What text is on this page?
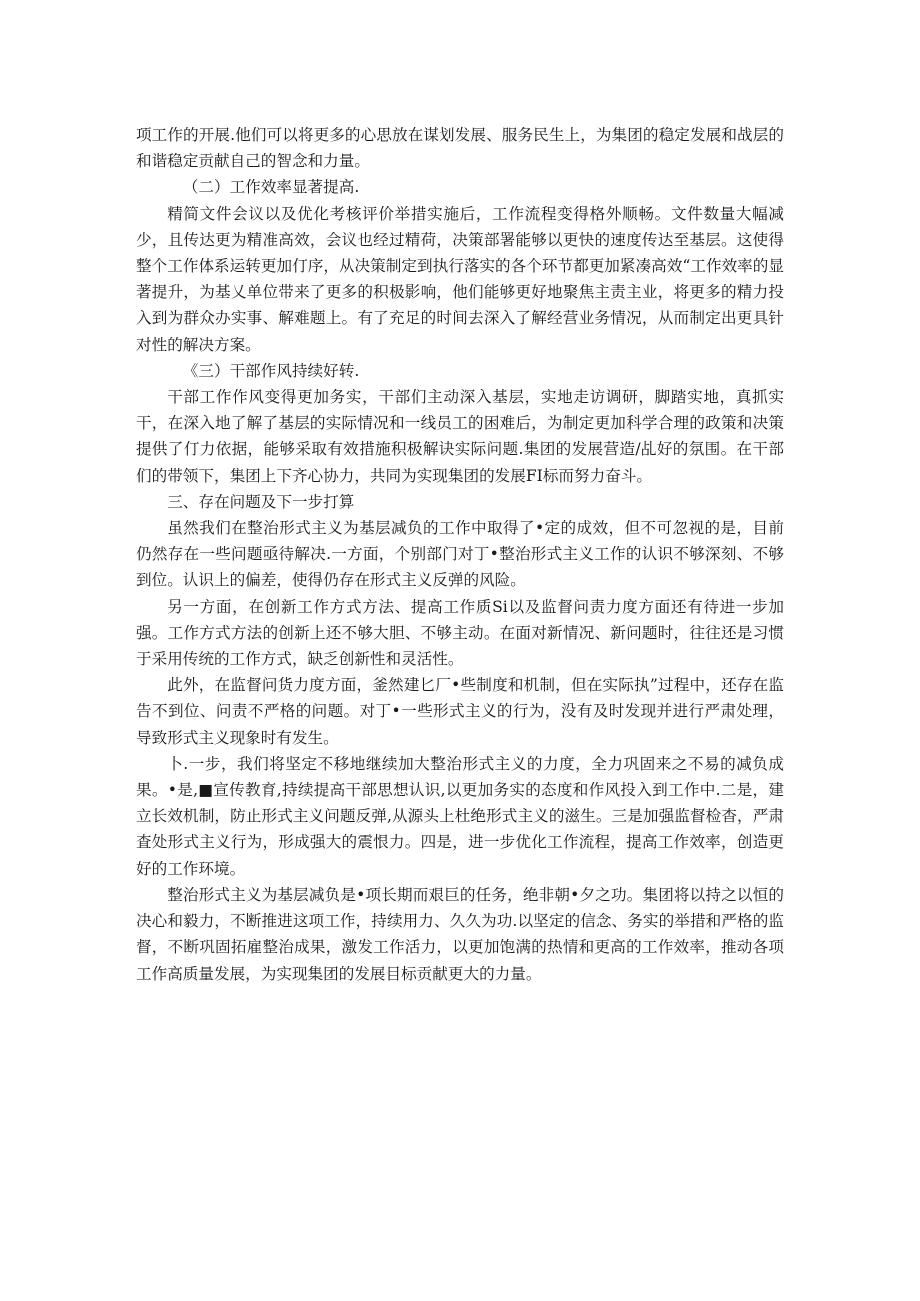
项工作的开展.他们可以将更多的心思放在谋划发展、服务民生上，为集团的稳定发展和战层的和谐稳定贡献自己的智念和力量。

（二）工作效率显著提高.

精简文件会议以及优化考核评价举措实施后，工作流程变得格外顺畅。文件数量大幅减少，且传达更为精准高效，会议也经过精荷，决策部署能够以更快的速度传达至基层。这使得整个工作体系运转更加仃序，从决策制定到执行落实的各个环节都更加紧凑高效“工作效率的显著提升，为基乂单位带来了更多的积极影响，他们能够更好地聚焦主责主业，将更多的精力投入到为群众办实事、解难题上。有了充足的时间去深入了解经营业务情况，从而制定出更具针对性的解决方案。

《三）干部作风持续好转.

干部工作作风变得更加务实，干部们主动深入基层，实地走访调研，脚踏实地，真抓实干，在深入地了解了基层的实际情况和一线员工的困难后，为制定更加科学合理的政策和决策提供了仃力依据，能够采取有效措施积极解诀实际问题.集团的发展营造/乩好的氛围。在干部们的带领下，集团上下齐心协力，共同为实现集团的发展FI标而努力奋斗。

三、存在问题及下一步打算

虽然我们在整治形式主义为基层减负的工作中取得了•定的成效，但不可忽视的是，目前仍然存在一些问题亟待解决.一方面，个别部门对丁•整治形式主义工作的认识不够深刻、不够到位。认识上的偏差，使得仍存在形式主义反弹的风险。

另一方面，在创新工作方式方法、提高工作质Si以及监督问责力度方面还有待进一步加强。工作方式方法的创新上还不够大胆、不够主动。在面对新情况、新问题时，往往还是习惯于采用传统的工作方式，缺乏创新性和灵活性。

此外，在监督问货力度方面，釜然建匕厂•些制度和机制，但在实际执”过程中，还存在监告不到位、问责不严格的问题。对丁•一些形式主义的行为，没有及时发现并进行严肃处理，导致形式主义现象时有发生。

卜.一步，我们将坚定不移地继续加大整治形式主义的力度，全力巩固来之不易的减负成果。•是,■宣传教育,持续提高干部思想认识,以更加务实的态度和作风投入到工作中.二是，建立长效机制，防止形式主义问题反弹,从源头上杜绝形式主义的滋生。三是加强监督检杳，严肃査处形式主义行为，形成强大的震恨力。四是，进一步优化工作流程，提高工作效率，创造更好的工作环境。

整治形式主义为基层减负是•项长期而艰巨的任务，绝非朝•夕之功。集团将以持之以恒的决心和毅力，不断推进这项工作，持续用力、久久为功.以坚定的信念、务实的举措和严格的监督，不断巩固拓雇整治成果，激发工作活力，以更加饱满的热情和更高的工作效率，推动各项工作高质量发展，为实现集团的发展目标贡献更大的力量。
